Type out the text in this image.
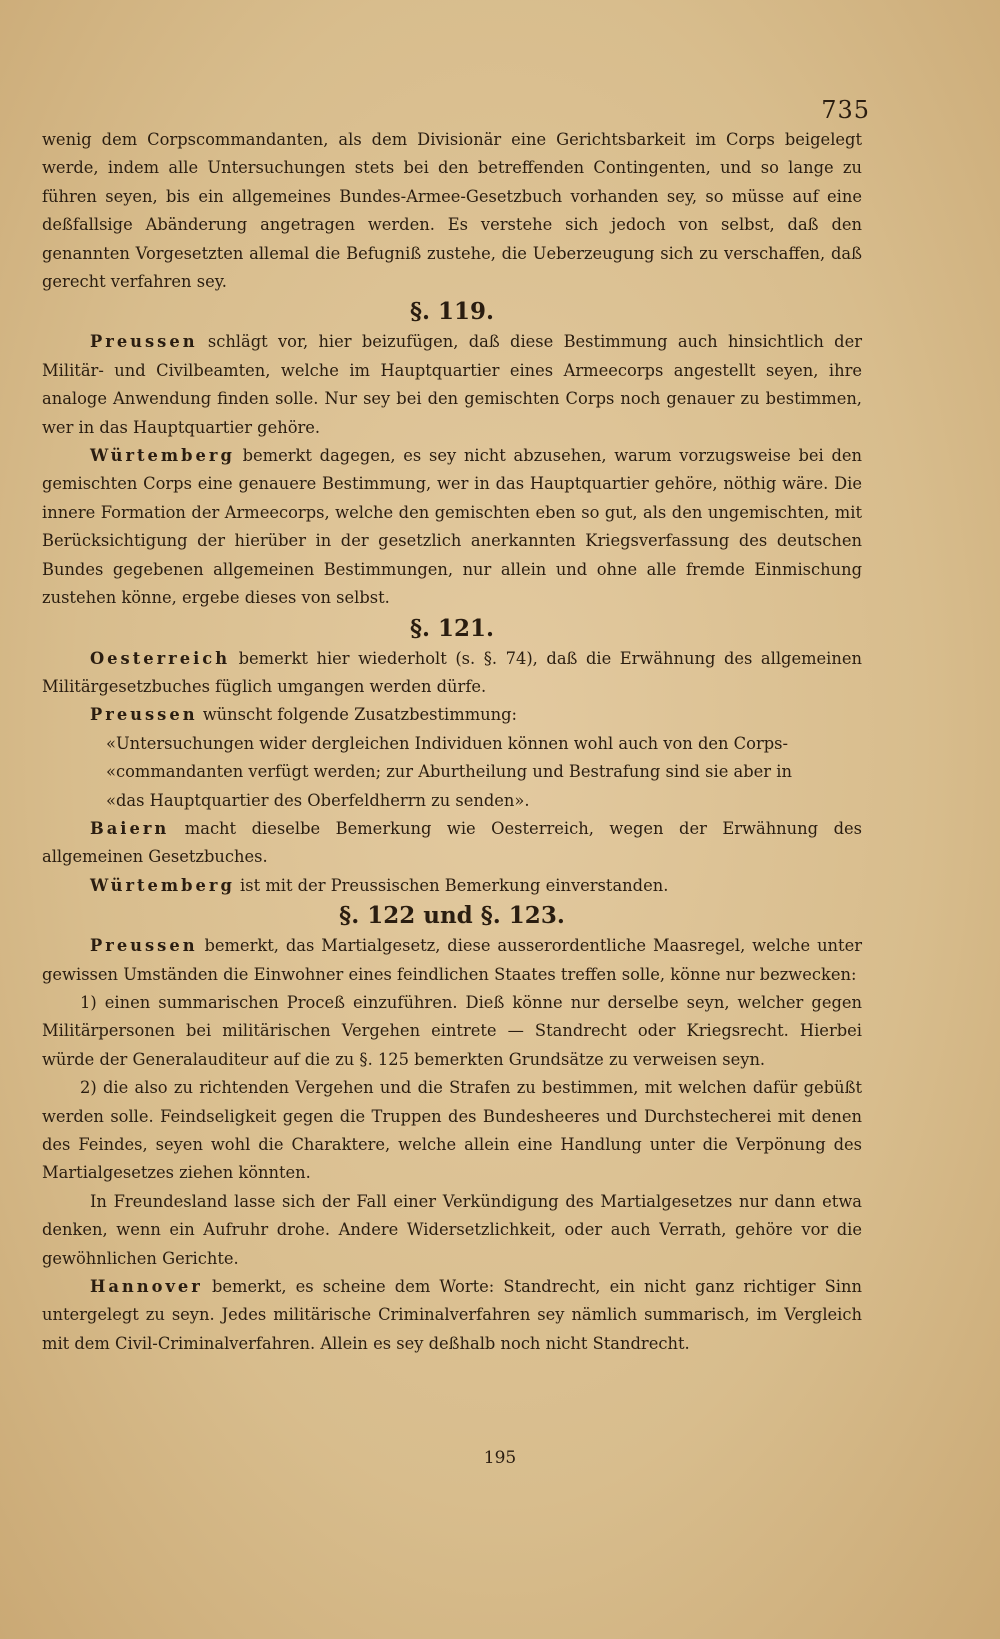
735

wenig dem Corpscommandanten, als dem Divisionär eine Gerichtsbarkeit im Corps beigelegt werde, indem alle Untersuchungen stets bei den betreffenden Contingenten, und so lange zu führen seyen, bis ein allgemeines Bundes-Armee-Gesetzbuch vorhanden sey, so müsse auf eine deßfallsige Abänderung angetragen werden. Es verstehe sich jedoch von selbst, daß den genannten Vorgesetzten allemal die Befugniß zustehe, die Ueberzeugung sich zu verschaffen, daß gerecht verfahren sey.

§. 119.

Preussen schlägt vor, hier beizufügen, daß diese Bestimmung auch hinsichtlich der Militär- und Civilbeamten, welche im Hauptquartier eines Armeecorps angestellt seyen, ihre analoge Anwendung finden solle. Nur sey bei den gemischten Corps noch genauer zu bestimmen, wer in das Hauptquartier gehöre.

Würtemberg bemerkt dagegen, es sey nicht abzusehen, warum vorzugsweise bei den gemischten Corps eine genauere Bestimmung, wer in das Hauptquartier gehöre, nöthig wäre. Die innere Formation der Armeecorps, welche den gemischten eben so gut, als den ungemischten, mit Berücksichtigung der hierüber in der gesetzlich anerkannten Kriegsverfassung des deutschen Bundes gegebenen allgemeinen Bestimmungen, nur allein und ohne alle fremde Einmischung zustehen könne, ergebe dieses von selbst.

§. 121.

Oesterreich bemerkt hier wiederholt (s. §. 74), daß die Erwähnung des allgemeinen Militärgesetzbuches füglich umgangen werden dürfe.

Preussen wünscht folgende Zusatzbestimmung:

«Untersuchungen wider dergleichen Individuen können wohl auch von den Corps-

«commandanten verfügt werden; zur Aburtheilung und Bestrafung sind sie aber in

«das Hauptquartier des Oberfeldherrn zu senden».

Baiern macht dieselbe Bemerkung wie Oesterreich, wegen der Erwähnung des allgemeinen Gesetzbuches.

Würtemberg ist mit der Preussischen Bemerkung einverstanden.

§. 122 und §. 123.

Preussen bemerkt, das Martialgesetz, diese ausserordentliche Maasregel, welche unter gewissen Umständen die Einwohner eines feindlichen Staates treffen solle, könne nur bezwecken:

1) einen summarischen Proceß einzuführen. Dieß könne nur derselbe seyn, welcher gegen Militärpersonen bei militärischen Vergehen eintrete — Standrecht oder Kriegsrecht. Hierbei würde der Generalauditeur auf die zu §. 125 bemerkten Grundsätze zu verweisen seyn.

2) die also zu richtenden Vergehen und die Strafen zu bestimmen, mit welchen dafür gebüßt werden solle. Feindseligkeit gegen die Truppen des Bundesheeres und Durchstecherei mit denen des Feindes, seyen wohl die Charaktere, welche allein eine Handlung unter die Verpönung des Martialgesetzes ziehen könnten.

In Freundesland lasse sich der Fall einer Verkündigung des Martialgesetzes nur dann etwa denken, wenn ein Aufruhr drohe. Andere Widersetzlichkeit, oder auch Verrath, gehöre vor die gewöhnlichen Gerichte.

Hannover bemerkt, es scheine dem Worte: Standrecht, ein nicht ganz richtiger Sinn untergelegt zu seyn. Jedes militärische Criminalverfahren sey nämlich summarisch, im Vergleich mit dem Civil-Criminalverfahren. Allein es sey deßhalb noch nicht Standrecht.

195
